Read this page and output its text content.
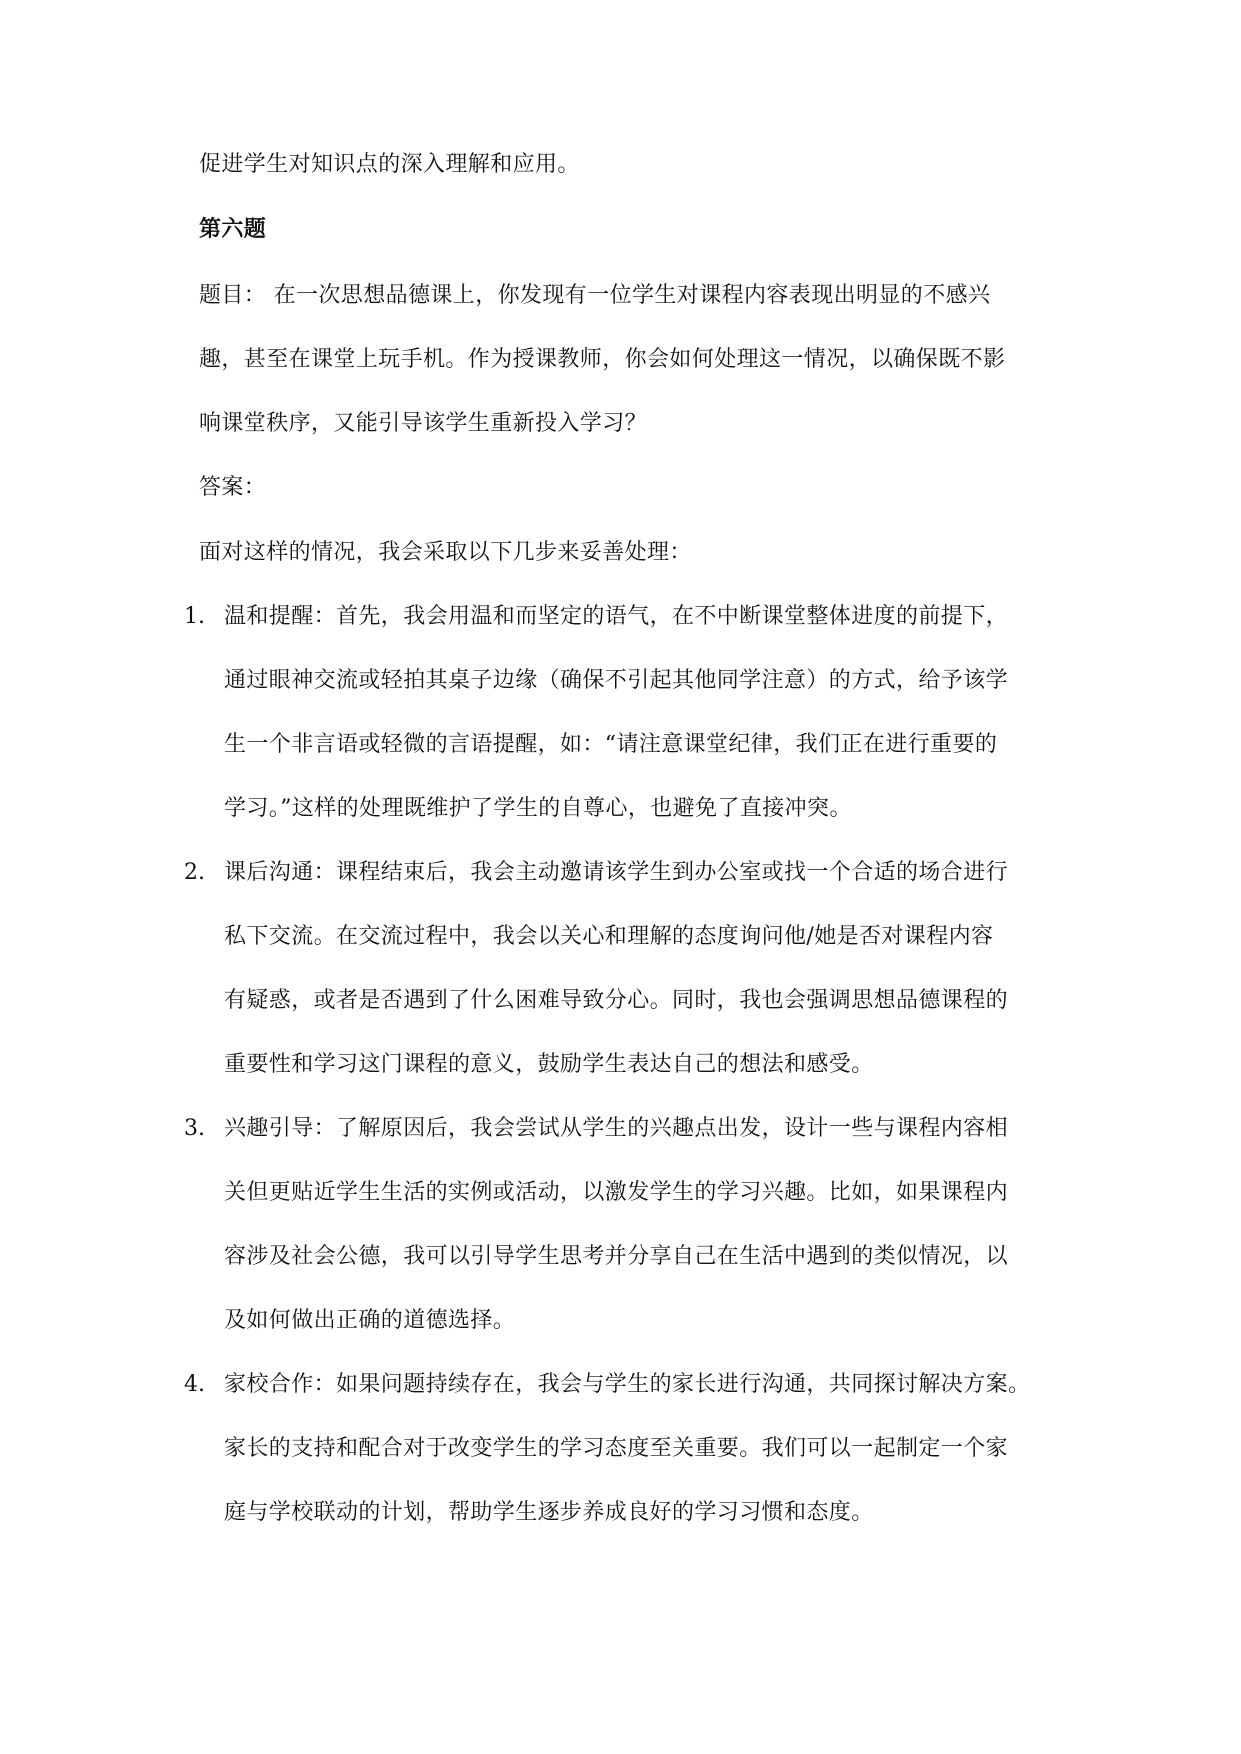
促进学生对知识点的深入理解和应用。
第六题
题目： 在一次思想品德课上，你发现有一位学生对课程内容表现出明显的不感兴
趣，甚至在课堂上玩手机。作为授课教师，你会如何处理这一情况，以确保既不影
响课堂秩序，又能引导该学生重新投入学习？
答案：
面对这样的情况，我会采取以下几步来妥善处理：
1. 温和提醒：首先，我会用温和而坚定的语气，在不中断课堂整体进度的前提下，
通过眼神交流或轻拍其桌子边缘（确保不引起其他同学注意）的方式，给予该学
生一个非言语或轻微的言语提醒，如：“请注意课堂纪律，我们正在进行重要的
学习。”这样的处理既维护了学生的自尊心，也避免了直接冲突。
2. 课后沟通：课程结束后，我会主动邀请该学生到办公室或找一个合适的场合进行
私下交流。在交流过程中，我会以关心和理解的态度询问他/她是否对课程内容
有疑惑，或者是否遇到了什么困难导致分心。同时，我也会强调思想品德课程的
重要性和学习这门课程的意义，鼓励学生表达自己的想法和感受。
3. 兴趣引导：了解原因后，我会尝试从学生的兴趣点出发，设计一些与课程内容相
关但更贴近学生生活的实例或活动，以激发学生的学习兴趣。比如，如果课程内
容涉及社会公德，我可以引导学生思考并分享自己在生活中遇到的类似情况，以
及如何做出正确的道德选择。
4. 家校合作：如果问题持续存在，我会与学生的家长进行沟通，共同探讨解决方案。
家长的支持和配合对于改变学生的学习态度至关重要。我们可以一起制定一个家
庭与学校联动的计划，帮助学生逐步养成良好的学习习惯和态度。
